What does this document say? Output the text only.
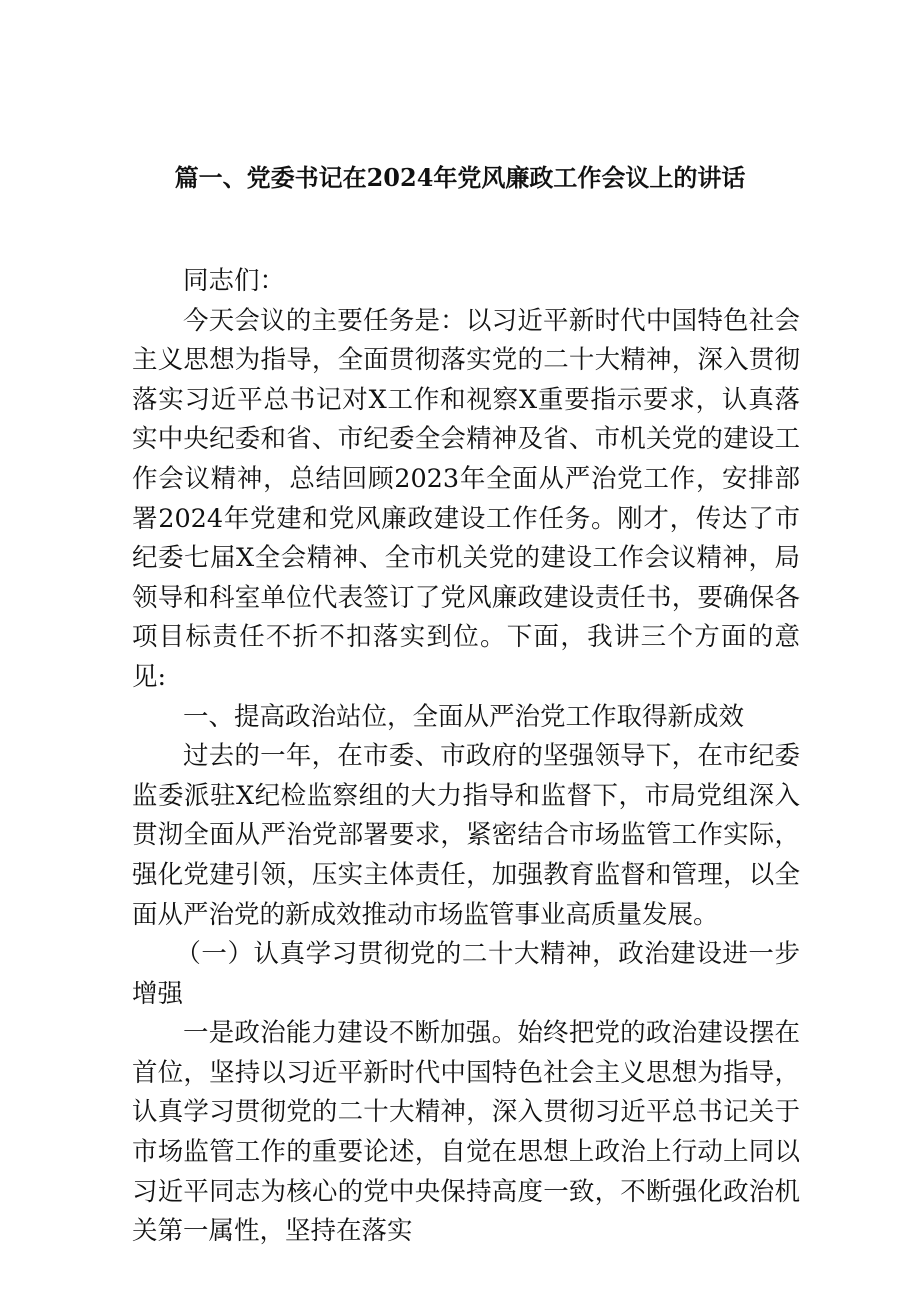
篇一、党委书记在2024年党风廉政工作会议上的讲话

同志们：

今天会议的主要任务是：以习近平新时代中国特色社会主义思想为指导，全面贯彻落实党的二十大精神，深入贯彻落实习近平总书记对X工作和视察X重要指示要求，认真落实中央纪委和省、市纪委全会精神及省、市机关党的建设工作会议精神，总结回顾2023年全面从严治党工作，安排部署2024年党建和党风廉政建设工作任务。刚才，传达了市纪委七届X全会精神、全市机关党的建设工作会议精神，局领导和科室单位代表签订了党风廉政建设责任书，要确保各项目标责任不折不扣落实到位。下面，我讲三个方面的意见:

一、提高政治站位，全面从严治党工作取得新成效

过去的一年，在市委、市政府的坚强领导下，在市纪委监委派驻X纪检监察组的大力指导和监督下，市局党组深入贯沏全面从严治党部署要求，紧密结合市场监管工作实际，强化党建引领，压实主体责任，加强教育监督和管理，以全面从严治党的新成效推动市场监管事业高质量发展。

（一）认真学习贯彻党的二十大精神，政治建设进一步增强

一是政治能力建设不断加强。始终把党的政治建设摆在首位，坚持以习近平新时代中国特色社会主义思想为指导，认真学习贯彻党的二十大精神，深入贯彻习近平总书记关于市场监管工作的重要论述，自觉在思想上政治上行动上同以习近平同志为核心的党中央保持高度一致，不断强化政治机关第一属性，坚持在落实
